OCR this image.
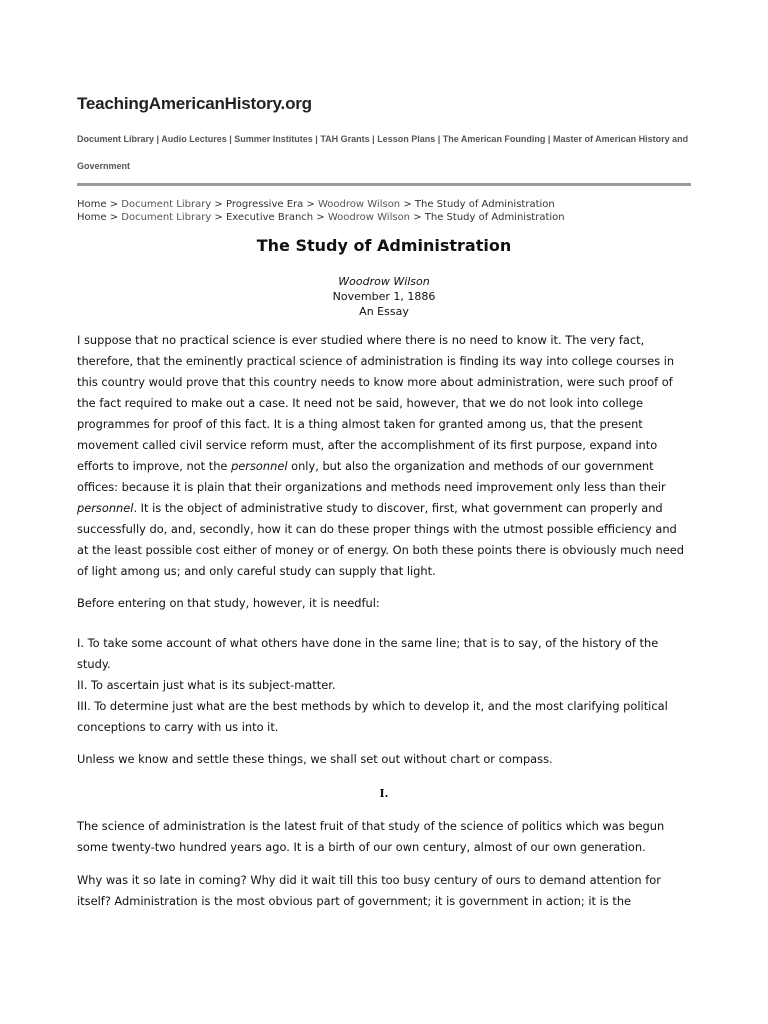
TeachingAmericanHistory.org
Document Library | Audio Lectures | Summer Institutes | TAH Grants | Lesson Plans | The American Founding | Master of American History and Government
Home > Document Library > Progressive Era > Woodrow Wilson > The Study of Administration
Home > Document Library > Executive Branch > Woodrow Wilson > The Study of Administration
The Study of Administration
Woodrow Wilson
November 1, 1886
An Essay

I suppose that no practical science is ever studied where there is no need to know it. The very fact, therefore, that the eminently practical science of administration is finding its way into college courses in this country would prove that this country needs to know more about administration, were such proof of the fact required to make out a case. It need not be said, however, that we do not look into college programmes for proof of this fact. It is a thing almost taken for granted among us, that the present movement called civil service reform must, after the accomplishment of its first purpose, expand into efforts to improve, not the personnel only, but also the organization and methods of our government offices: because it is plain that their organizations and methods need improvement only less than their personnel. It is the object of administrative study to discover, first, what government can properly and successfully do, and, secondly, how it can do these proper things with the utmost possible efficiency and at the least possible cost either of money or of energy. On both these points there is obviously much need of light among us; and only careful study can supply that light.

Before entering on that study, however, it is needful:

I. To take some account of what others have done in the same line; that is to say, of the history of the study.

II. To ascertain just what is its subject-matter.

III. To determine just what are the best methods by which to develop it, and the most clarifying political conceptions to carry with us into it.

Unless we know and settle these things, we shall set out without chart or compass.

I.

The science of administration is the latest fruit of that study of the science of politics which was begun some twenty-two hundred years ago. It is a birth of our own century, almost of our own generation.

Why was it so late in coming? Why did it wait till this too busy century of ours to demand attention for itself? Administration is the most obvious part of government; it is government in action; it is the
